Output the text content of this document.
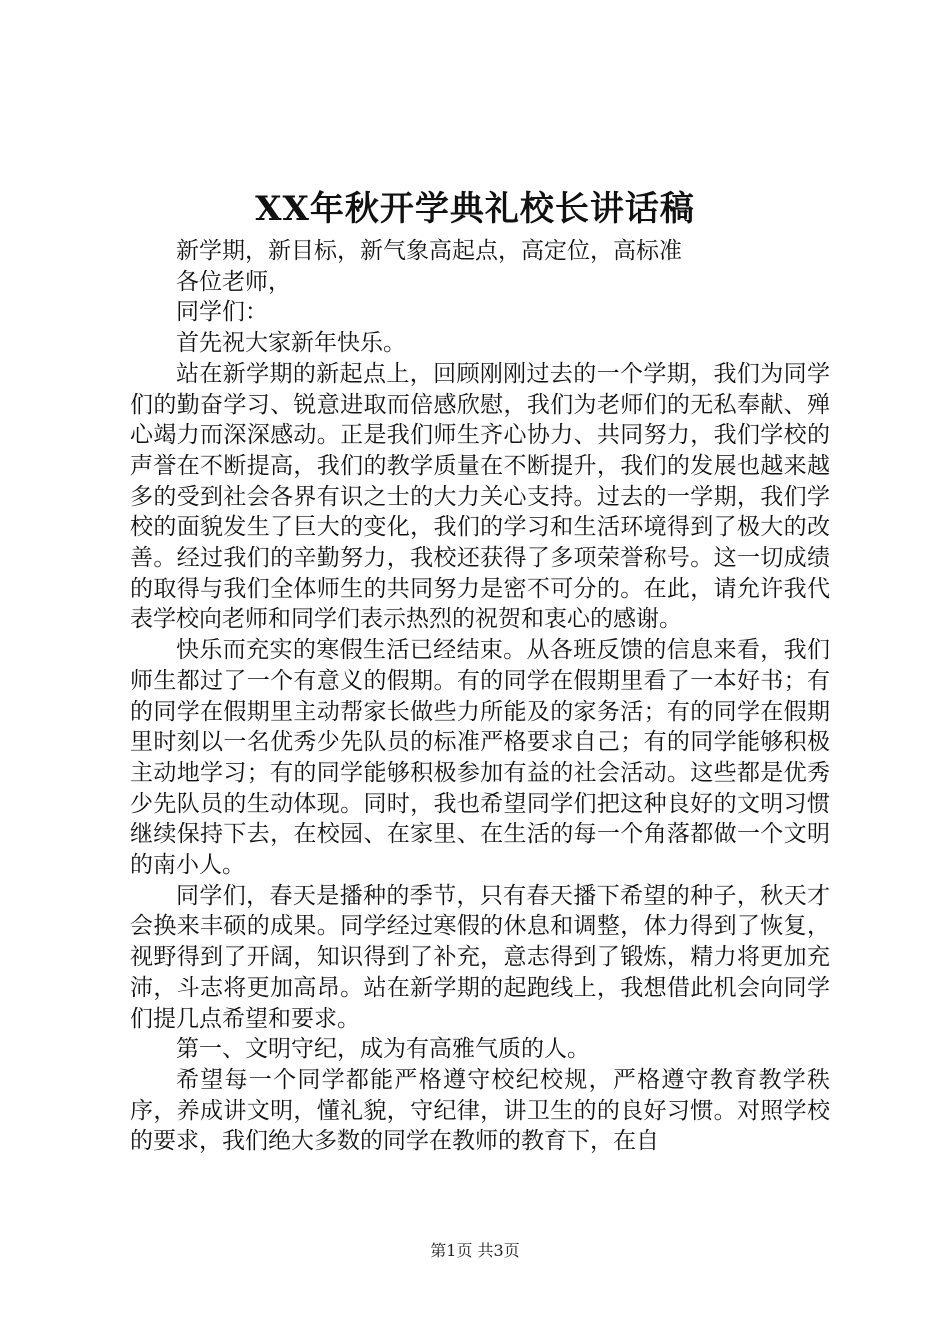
XX年秋开学典礼校长讲话稿

新学期，新目标，新气象高起点，高定位，高标准

各位老师，

同学们：

首先祝大家新年快乐。

站在新学期的新起点上，回顾刚刚过去的一个学期，我们为同学们的勤奋学习、锐意进取而倍感欣慰，我们为老师们的无私奉献、殚心竭力而深深感动。正是我们师生齐心协力、共同努力，我们学校的声誉在不断提高，我们的教学质量在不断提升，我们的发展也越来越多的受到社会各界有识之士的大力关心支持。过去的一学期，我们学校的面貌发生了巨大的变化，我们的学习和生活环境得到了极大的改善。经过我们的辛勤努力，我校还获得了多项荣誉称号。这一切成绩的取得与我们全体师生的共同努力是密不可分的。在此，请允许我代表学校向老师和同学们表示热烈的祝贺和衷心的感谢。

快乐而充实的寒假生活已经结束。从各班反馈的信息来看，我们师生都过了一个有意义的假期。有的同学在假期里看了一本好书；有的同学在假期里主动帮家长做些力所能及的家务活；有的同学在假期里时刻以一名优秀少先队员的标准严格要求自己；有的同学能够积极主动地学习；有的同学能够积极参加有益的社会活动。这些都是优秀少先队员的生动体现。同时，我也希望同学们把这种良好的文明习惯继续保持下去，在校园、在家里、在生活的每一个角落都做一个文明的南小人。

同学们，春天是播种的季节，只有春天播下希望的种子，秋天才会换来丰硕的成果。同学经过寒假的休息和调整，体力得到了恢复，视野得到了开阔，知识得到了补充，意志得到了锻炼，精力将更加充沛，斗志将更加高昂。站在新学期的起跑线上，我想借此机会向同学们提几点希望和要求。

第一、文明守纪，成为有高雅气质的人。

希望每一个同学都能严格遵守校纪校规，严格遵守教育教学秩序，养成讲文明，懂礼貌，守纪律，讲卫生的的良好习惯。对照学校的要求，我们绝大多数的同学在教师的教育下，在自

第1页 共3页
